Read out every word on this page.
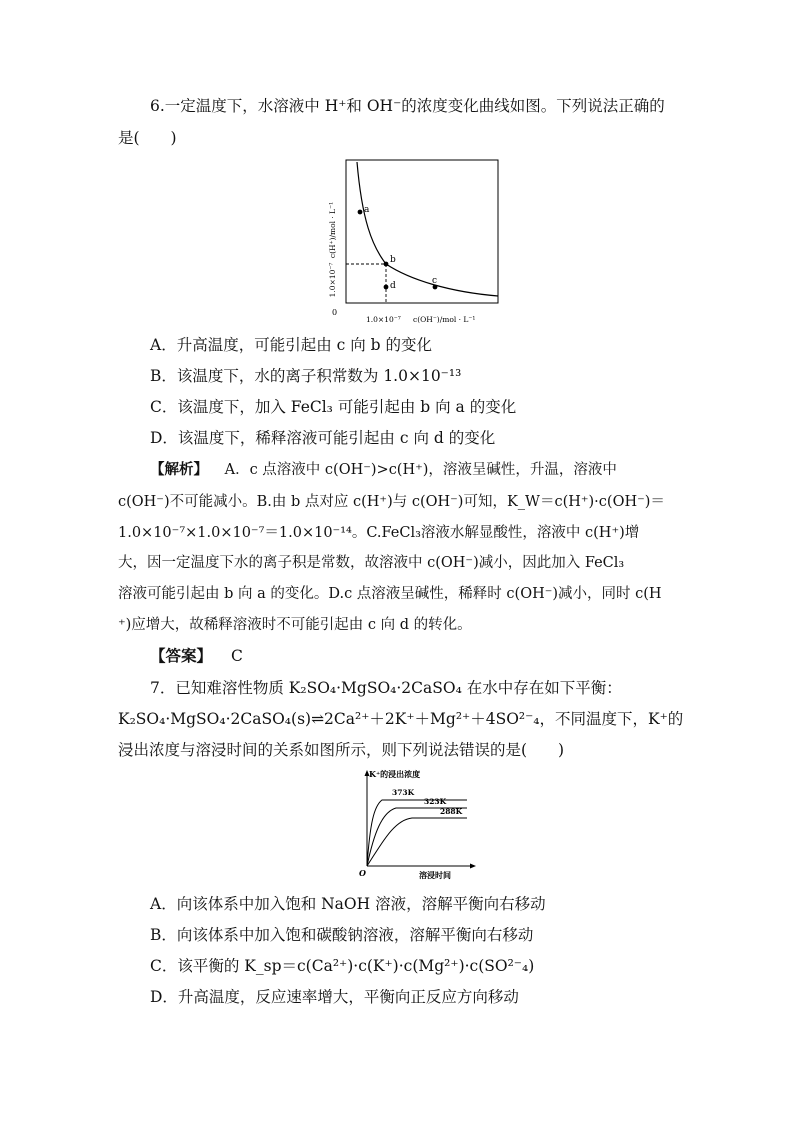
6.一定温度下，水溶液中 H⁺和 OH⁻的浓度变化曲线如图。下列说法正确的
是(　　)
a
b
c
d
c(H⁺)/mol · L⁻¹
1.0×10⁻⁷
1.0×10⁻⁷ c(OH⁻)/mol · L⁻¹
0
A．升高温度，可能引起由 c 向 b 的变化
B．该温度下，水的离子积常数为 1.0×10⁻¹³
C．该温度下，加入 FeCl₃ 可能引起由 b 向 a 的变化
D．该温度下，稀释溶液可能引起由 c 向 d 的变化
【解析】 A．c 点溶液中 c(OH⁻)>c(H⁺)，溶液呈碱性，升温，溶液中
c(OH⁻)不可能减小。B.由 b 点对应 c(H⁺)与 c(OH⁻)可知，K_W＝c(H⁺)·c(OH⁻)＝
1.0×10⁻⁷×1.0×10⁻⁷＝1.0×10⁻¹⁴。C.FeCl₃溶液水解显酸性，溶液中 c(H⁺)增
大，因一定温度下水的离子积是常数，故溶液中 c(OH⁻)减小，因此加入 FeCl₃
溶液可能引起由 b 向 a 的变化。D.c 点溶液呈碱性，稀释时 c(OH⁻)减小，同时 c(H
⁺)应增大，故稀释溶液时不可能引起由 c 向 d 的转化。
【答案】 C
7．已知难溶性物质 K₂SO₄·MgSO₄·2CaSO₄ 在水中存在如下平衡：
K₂SO₄·MgSO₄·2CaSO₄(s)⇌2Ca²⁺＋2K⁺＋Mg²⁺＋4SO²⁻₄，不同温度下，K⁺的
浸出浓度与溶浸时间的关系如图所示，则下列说法错误的是(　　)
K⁺的浸出浓度
373K
323K
288K
溶浸时间
O
A．向该体系中加入饱和 NaOH 溶液，溶解平衡向右移动
B．向该体系中加入饱和碳酸钠溶液，溶解平衡向右移动
C．该平衡的 K_sp＝c(Ca²⁺)·c(K⁺)·c(Mg²⁺)·c(SO²⁻₄)
D．升高温度，反应速率增大，平衡向正反应方向移动
